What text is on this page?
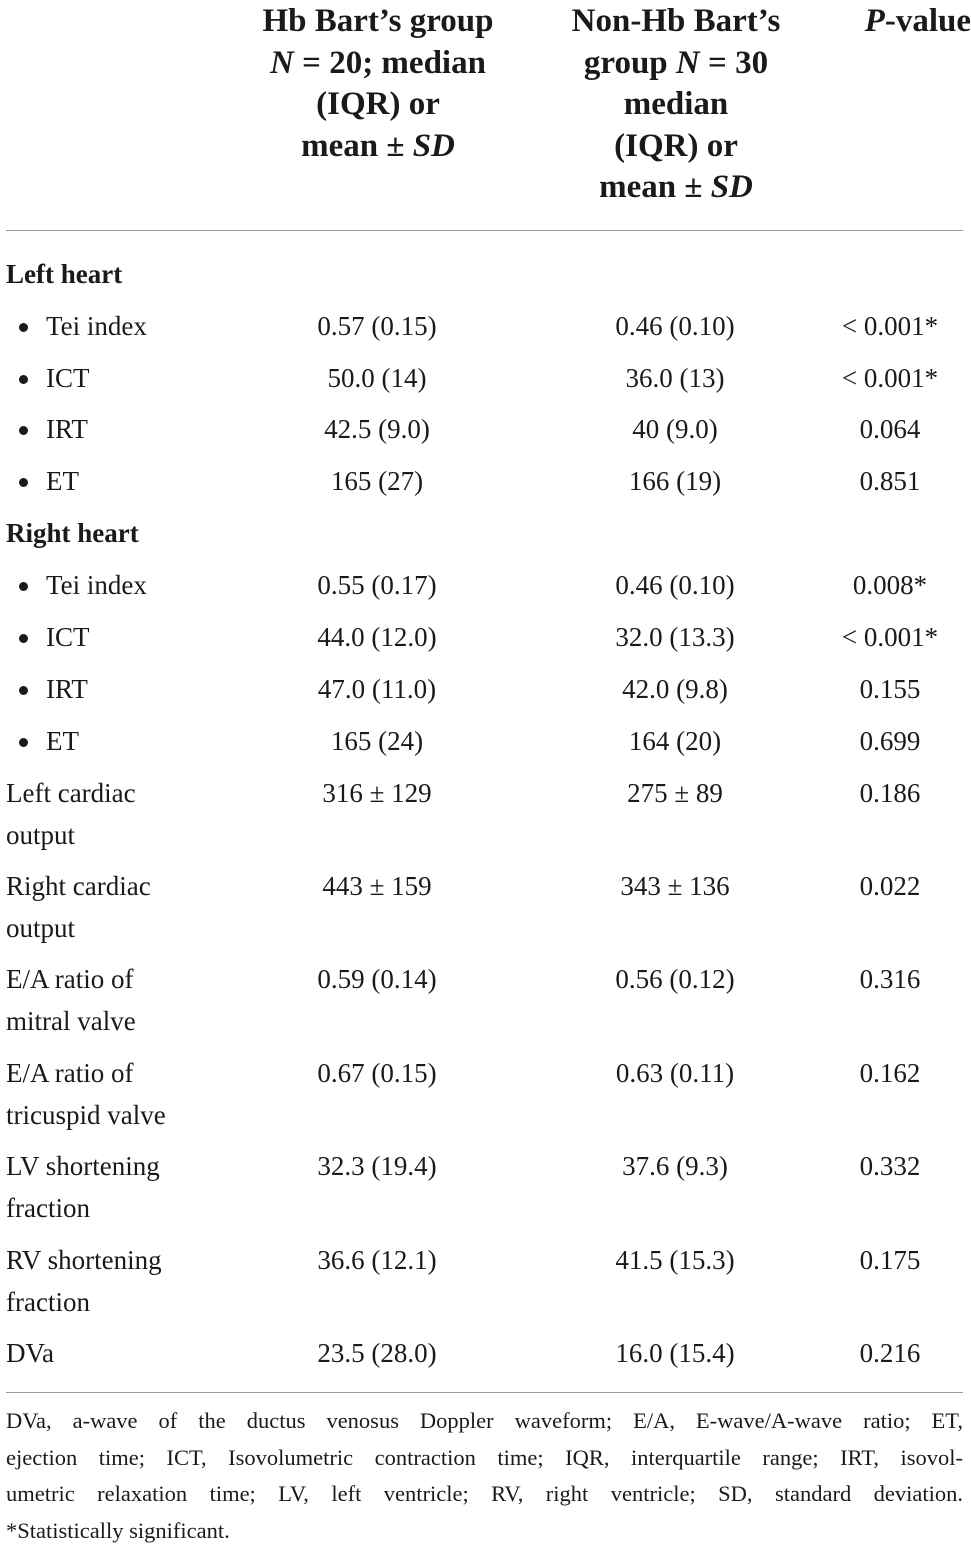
Hb Bart’s group
N = 20; median
(IQR) or
mean ± SD
Non-Hb Bart’s
group N = 30
median
(IQR) or
mean ± SD
P-value
Left heart
Tei index	0.57 (0.15)	0.46 (0.10)	< 0.001*
ICT	50.0 (14)	36.0 (13)	< 0.001*
IRT	42.5 (9.0)	40 (9.0)	0.064
ET	165 (27)	166 (19)	0.851
Right heart
Tei index	0.55 (0.17)	0.46 (0.10)	0.008*
ICT	44.0 (12.0)	32.0 (13.3)	< 0.001*
IRT	47.0 (11.0)	42.0 (9.8)	0.155
ET	165 (24)	164 (20)	0.699
Left cardiac
output
316 ± 129	275 ± 89	0.186
Right cardiac
output
443 ± 159	343 ± 136	0.022
E/A ratio of
mitral valve
0.59 (0.14)	0.56 (0.12)	0.316
E/A ratio of
tricuspid valve
0.67 (0.15)	0.63 (0.11)	0.162
LV shortening
fraction
32.3 (19.4)	37.6 (9.3)	0.332
RV shortening
fraction
36.6 (12.1)	41.5 (15.3)	0.175
DVa	23.5 (28.0)	16.0 (15.4)	0.216
DVa, a-wave of the ductus venosus Doppler waveform; E/A, E-wave/A-wave ratio; ET,
ejection time; ICT, Isovolumetric contraction time; IQR, interquartile range; IRT, isovol-
umetric relaxation time; LV, left ventricle; RV, right ventricle; SD, standard deviation.
*Statistically significant.
